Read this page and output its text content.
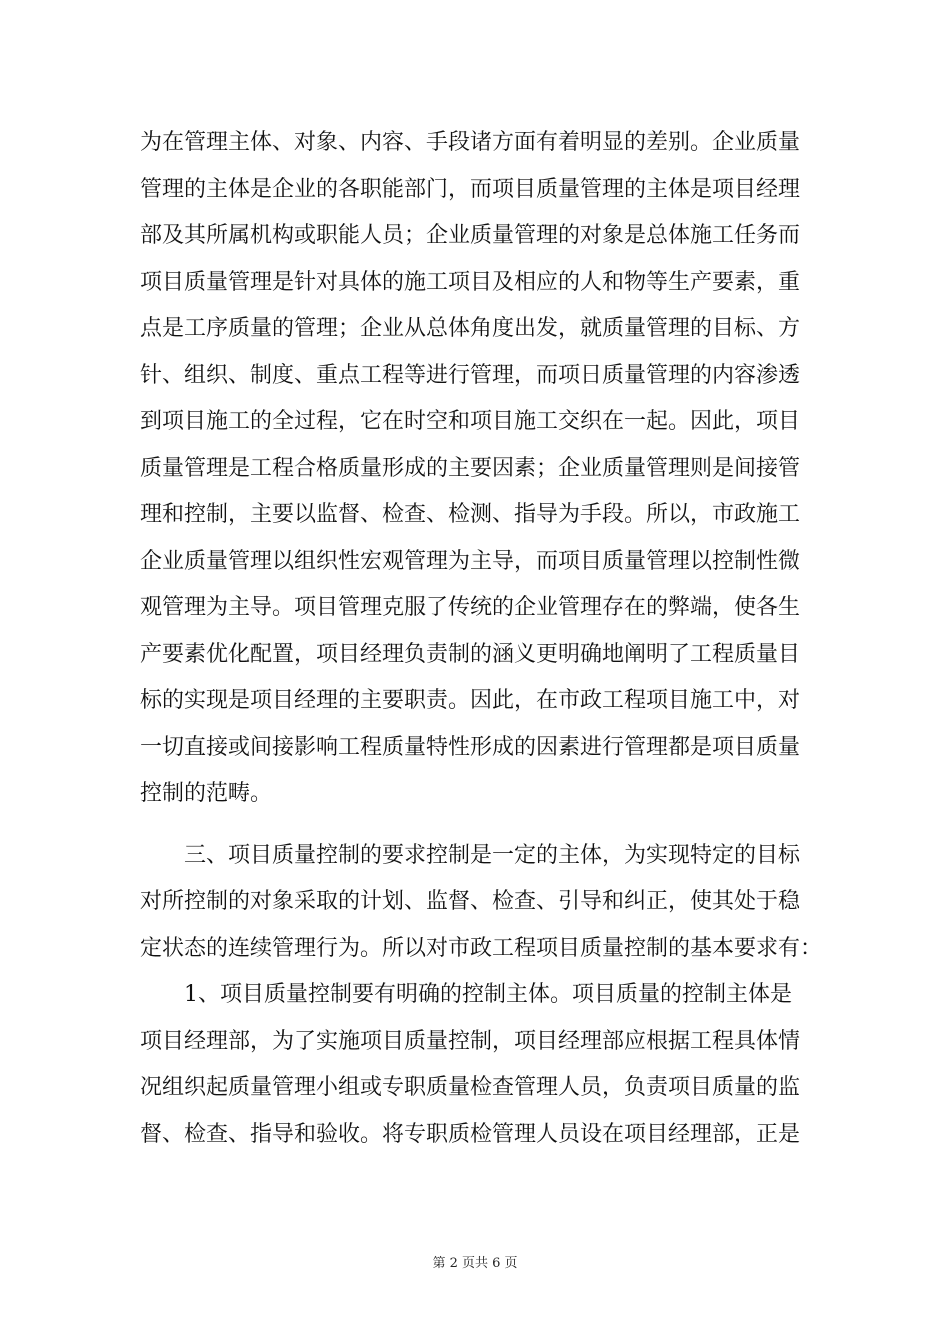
为在管理主体、对象、内容、手段诸方面有着明显的差别。企业质量
管理的主体是企业的各职能部门，而项目质量管理的主体是项目经理
部及其所属机构或职能人员；企业质量管理的对象是总体施工任务而
项目质量管理是针对具体的施工项目及相应的人和物等生产要素，重
点是工序质量的管理；企业从总体角度出发，就质量管理的目标、方
针、组织、制度、重点工程等进行管理，而项日质量管理的内容渗透
到项目施工的全过程，它在时空和项目施工交织在一起。因此，项目
质量管理是工程合格质量形成的主要因素；企业质量管理则是间接管
理和控制，主要以监督、检查、检测、指导为手段。所以，市政施工
企业质量管理以组织性宏观管理为主导，而项目质量管理以控制性微
观管理为主导。项目管理克服了传统的企业管理存在的弊端，使各生
产要素优化配置，项目经理负责制的涵义更明确地阐明了工程质量目
标的实现是项目经理的主要职责。因此，在市政工程项目施工中，对
一切直接或间接影响工程质量特性形成的因素进行管理都是项目质量
控制的范畴。
　　三、项目质量控制的要求控制是一定的主体，为实现特定的目标
对所控制的对象采取的计划、监督、检查、引导和纠正，使其处于稳
定状态的连续管理行为。所以对市政工程项目质量控制的基本要求有：
　　1、项目质量控制要有明确的控制主体。项目质量的控制主体是
项目经理部，为了实施项目质量控制，项目经理部应根据工程具体情
况组织起质量管理小组或专职质量检查管理人员，负责项目质量的监
督、检查、指导和验收。将专职质检管理人员设在项目经理部，正是
第 2 页共 6 页
